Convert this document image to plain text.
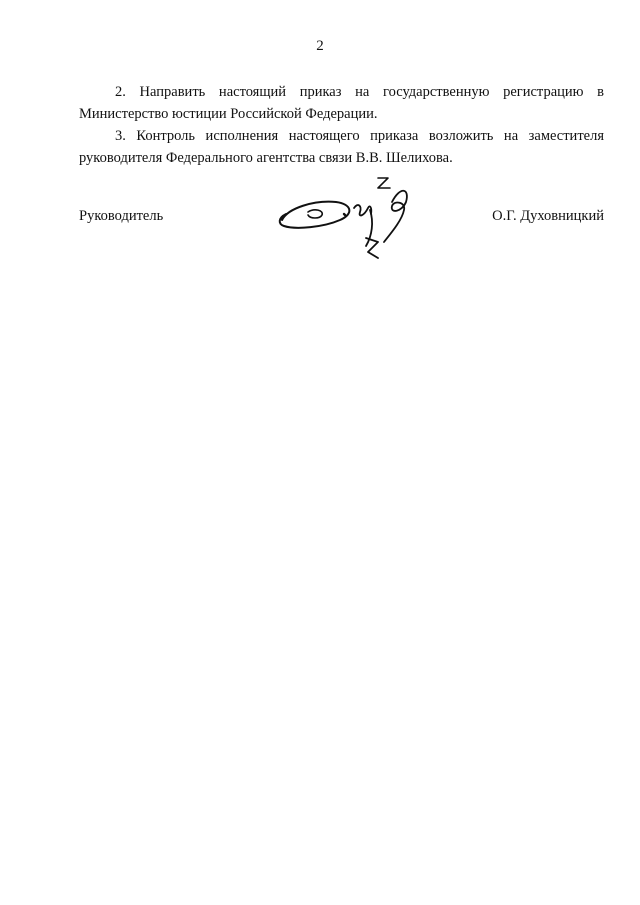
2

2. Направить настоящий приказ на государственную регистрацию в Министерство юстиции Российской Федерации.

3. Контроль исполнения настоящего приказа возложить на заместителя руководителя Федерального агентства связи В.В. Шелихова.

Руководитель	О.Г. Духовницкий
